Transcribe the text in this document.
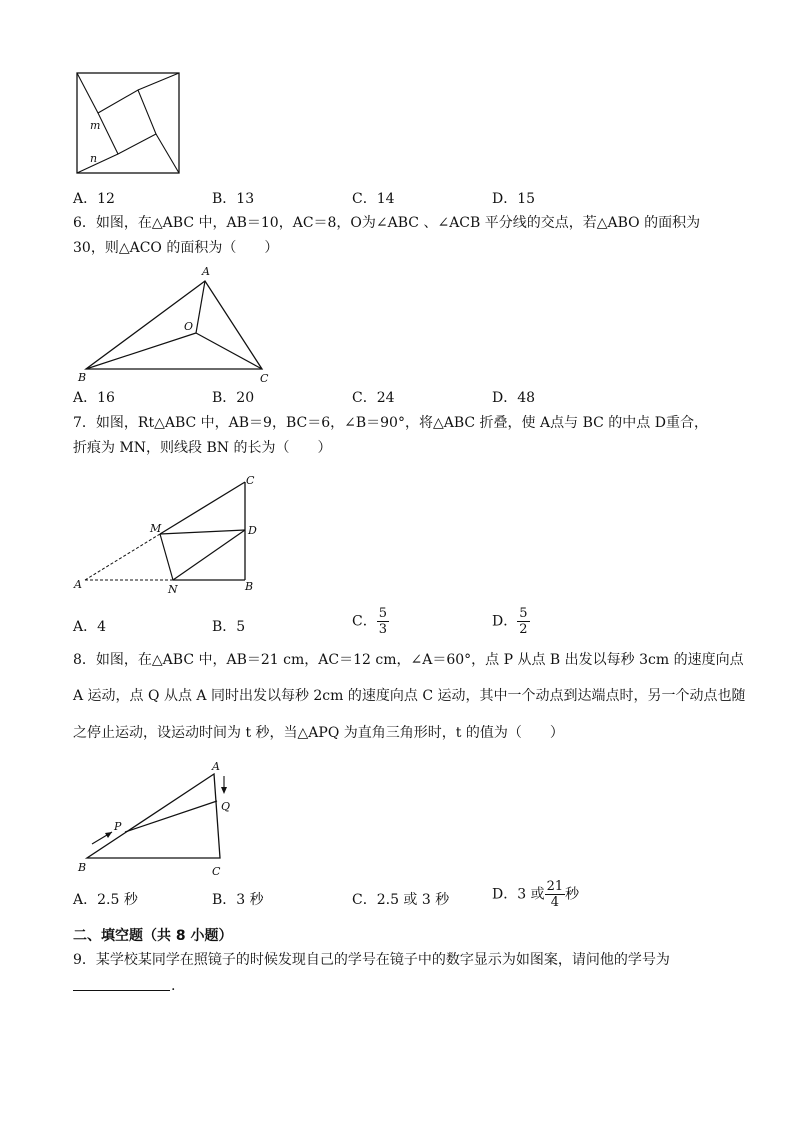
m
n
A．12	B．13	C．14	D．15
6．如图，在△ABC 中，AB＝10，AC＝8，O为∠ABC 、∠ACB 平分线的交点，若△ABO 的面积为
30，则△ACO 的面积为（　　）
A
O
B	C
A．16	B．20	C．24	D．48
7．如图，Rt△ABC 中，AB＝9，BC＝6，∠B＝90°，将△ABC 折叠，使 A点与 BC 的中点 D重合，
折痕为 MN，则线段 BN 的长为（　　）
C
M	D
A	N	B
A．4	B．5	C． $\frac{5}{3}$	D． $\frac{5}{2}$
8．如图，在△ABC 中，AB＝21 cm，AC＝12 cm，∠A＝60°，点 P 从点 B 出发以每秒 3cm 的速度向点
A 运动，点 Q 从点 A 同时出发以每秒 2cm 的速度向点 C 运动，其中一个动点到达端点时，另一个动点也随
之停止运动，设运动时间为 t 秒，当△APQ 为直角三角形时，t 的值为（　　）
A
Q
P
B	C
A．2.5 秒	B．3 秒	C．2.5 或 3 秒	D．3 或 $\frac{21}{4}$ 秒
二、填空题（共 8 小题）
9．某学校某同学在照镜子的时候发现自己的学号在镜子中的数字显示为如图案，请问他的学号为
.
